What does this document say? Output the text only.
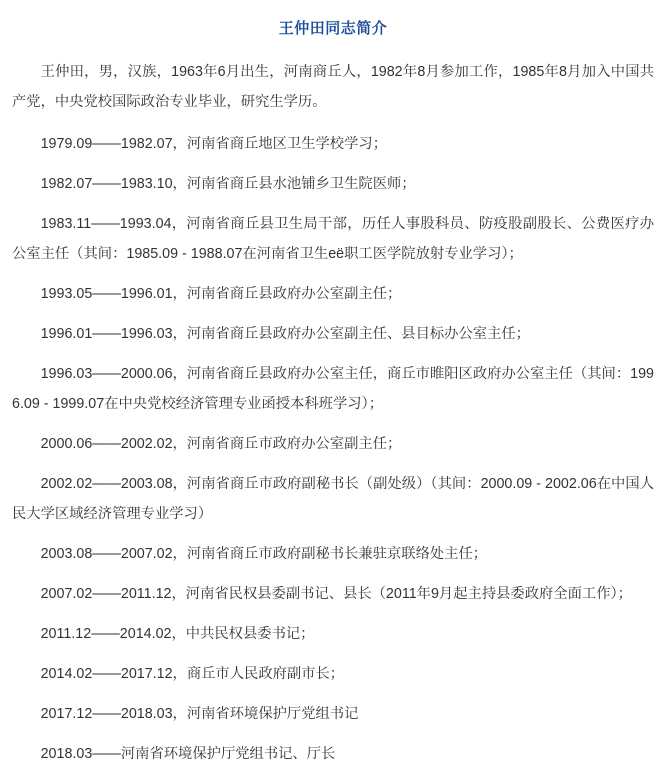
王仲田同志简介

王仲田，男，汉族，1963年6月出生，河南商丘人，1982年8月参加工作，1985年8月加入中国共产党，中央党校国际政治专业毕业，研究生学历。

1979.09——1982.07，河南省商丘地区卫生学校学习；

1982.07——1983.10，河南省商丘县水池铺乡卫生院医师；

1983.11——1993.04，河南省商丘县卫生局干部，历任人事股科员、防疫股副股长、公费医疗办公室主任（其间：1985.09 - 1988.07在河南省卫生её职工医学院放射专业学习）；

1993.05——1996.01，河南省商丘县政府办公室副主任；

1996.01——1996.03，河南省商丘县政府办公室副主任、县目标办公室主任；

1996.03——2000.06，河南省商丘县政府办公室主任，商丘市睢阳区政府办公室主任（其间：1996.09 - 1999.07在中央党校经济管理专业函授本科班学习）；

2000.06——2002.02，河南省商丘市政府办公室副主任；

2002.02——2003.08，河南省商丘市政府副秘书长（副处级）（其间：2000.09 - 2002.06在中国人民大学区域经济管理专业学习）

2003.08——2007.02，河南省商丘市政府副秘书长兼驻京联络处主任；

2007.02——2011.12，河南省民权县委副书记、县长（2011年9月起主持县委政府全面工作）；

2011.12——2014.02，中共民权县委书记；

2014.02——2017.12，商丘市人民政府副市长；

2017.12——2018.03，河南省环境保护厅党组书记

2018.03——河南省环境保护厅党组书记、厅长
